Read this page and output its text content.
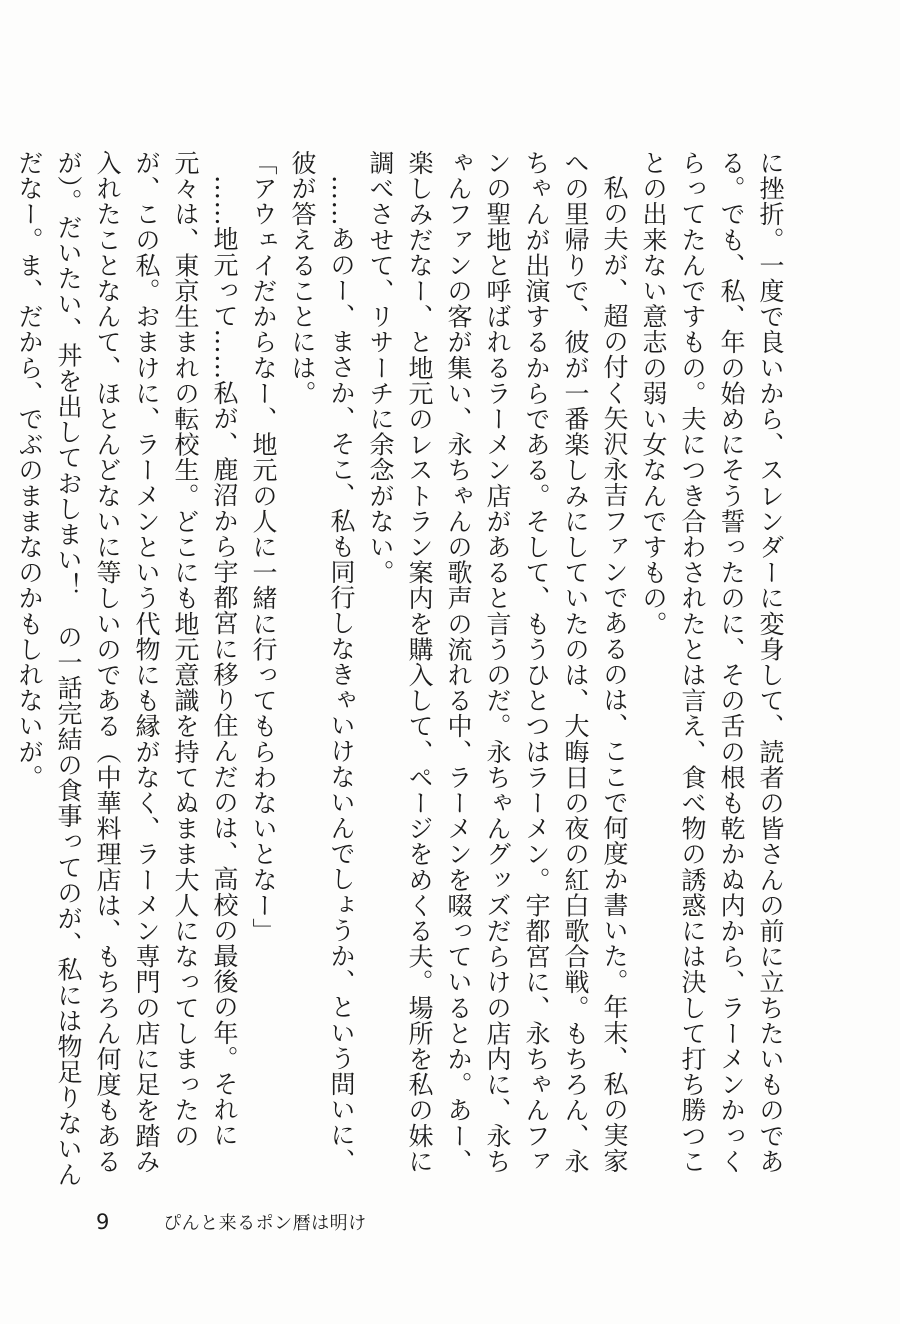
に挫折。一度で良いから、スレンダーに変身して、読者の皆さんの前に立ちたいものである。でも、私、年の始めにそう誓ったのに、その舌の根も乾かぬ内から、ラーメンかっくらってたんですもの。夫につき合わされたとは言え、食べ物の誘惑には決して打ち勝つことの出来ない意志の弱い女なんですもの。

私の夫が、超の付く矢沢永吉ファンであるのは、ここで何度か書いた。年末、私の実家への里帰りで、彼が一番楽しみにしていたのは、大晦日の夜の紅白歌合戦。もちろん、永ちゃんが出演するからである。そして、もうひとつはラーメン。宇都宮に、永ちゃんファンの聖地と呼ばれるラーメン店があると言うのだ。永ちゃんグッズだらけの店内に、永ちゃんファンの客が集い、永ちゃんの歌声の流れる中、ラーメンを啜っているとか。あー、楽しみだなー、と地元のレストラン案内を購入して、ページをめくる夫。場所を私の妹に調べさせて、リサーチに余念がない。

……あのー、まさか、そこ、私も同行しなきゃいけないんでしょうか、という問いに、彼が答えることには。

「アウェイだからなー、地元の人に一緒に行ってもらわないとなー」

……地元って……私が、鹿沼から宇都宮に移り住んだのは、高校の最後の年。それに元々は、東京生まれの転校生。どこにも地元意識を持てぬまま大人になってしまったのが、この私。おまけに、ラーメンという代物にも縁がなく、ラーメン専門の店に足を踏み入れたことなんて、ほとんどないに等しいのである（中華料理店は、もちろん何度もあるが）。だいたい、丼を出しておしまい！　の一話完結の食事ってのが、私には物足りないんだなー。ま、だから、でぶのままなのかもしれないが。

9	ぴんと来るポン暦は明け
